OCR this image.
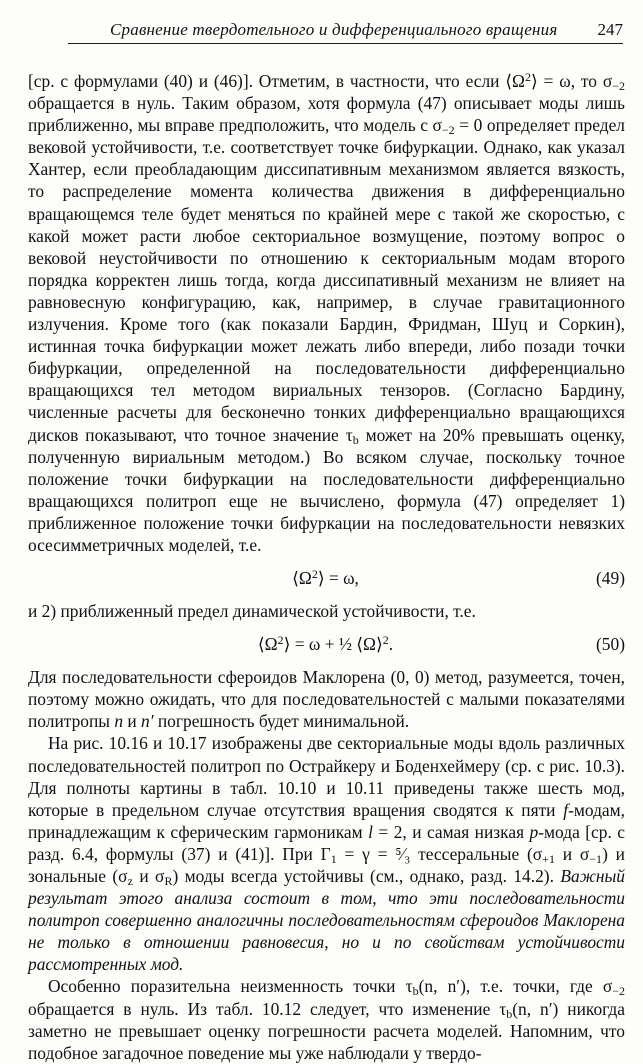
Сравнение твердотельного и дифференциального вращения 247

[ср. с формулами (40) и (46)]. Отметим, в частности, что если $⟨\Omega^2⟩ = \omega$, то $\sigma_{-2}$ обращается в нуль. Таким образом, хотя формула (47) описывает моды лишь приближенно, мы вправе предположить, что модель с $\sigma_{-2} = 0$ определяет предел вековой устойчивости, т.е. соответствует точке бифуркации. Однако, как указал Хантер, если преобладающим диссипативным механизмом является вязкость, то распределение момента количества движения в дифференциально вращающемся теле будет меняться по крайней мере с такой же скоростью, с какой может расти любое секториальное возмущение, поэтому вопрос о вековой неустойчивости по отношению к секториальным модам второго порядка корректен лишь тогда, когда диссипативный механизм не влияет на равновесную конфигурацию, как, например, в случае гравитационного излучения. Кроме того (как показали Бардин, Фридман, Шуц и Соркин), истинная точка бифуркации может лежать либо впереди, либо позади точки бифуркации, определенной на последовательности дифференциально вращающихся тел методом вириальных тензоров. (Согласно Бардину, численные расчеты для бесконечно тонких дифференциально вращающихся дисков показывают, что точное значение $\tau_b$ может на 20% превышать оценку, полученную вириальным методом.) Во всяком случае, поскольку точное положение точки бифуркации на последовательности дифференциально вращающихся политроп еще не вычислено, формула (47) определяет 1) приближенное положение точки бифуркации на последовательности невязких осесимметричных моделей, т.е.

$⟨\Omega^2⟩ = \omega$,	(49)

и 2) приближенный предел динамической устойчивости, т.е.

$⟨\Omega^2⟩ = \omega$ + ½ ⟨Ω⟩$^2$.	(50)

Для последовательности сфероидов Маклорена (0, 0) метод, разумеется, точен, поэтому можно ожидать, что для последовательностей с малыми показателями политропы n и n′ погрешность будет минимальной.

На рис. 10.16 и 10.17 изображены две секториальные моды вдоль различных последовательностей политроп по Острайкеру и Боденхеймеру (ср. с рис. 10.3). Для полноты картины в табл. 10.10 и 10.11 приведены также шесть мод, которые в предельном случае отсутствия вращения сводятся к пяти f-модам, принадлежащим к сферическим гармоникам l = 2, и самая низкая p-мода [ср. с разд. 6.4, формулы (37) и (41)]. При $\Gamma_1 = \gamma$ = ⁵⁄₃ тессеральные ($\sigma_{+1}$ и $\sigma_{-1}$) и зональные ($\sigma_z$ и $\sigma_R$) моды всегда устойчивы (см., однако, разд. 14.2). Важный результат этого анализа состоит в том, что эти последовательности политроп совершенно аналогичны последовательностям сфероидов Маклорена не только в отношении равновесия, но и по свойствам устойчивости рассмотренных мод.

Особенно поразительна неизменность точки $\tau_b(n$, n′), т.е. точки, где $\sigma_{-2}$ обращается в нуль. Из табл. 10.12 следует, что изменение $\tau_b(n$, n′) никогда заметно не превышает оценку погрешности расчета моделей. Напомним, что подобное загадочное поведение мы уже наблюдали у твердо-
